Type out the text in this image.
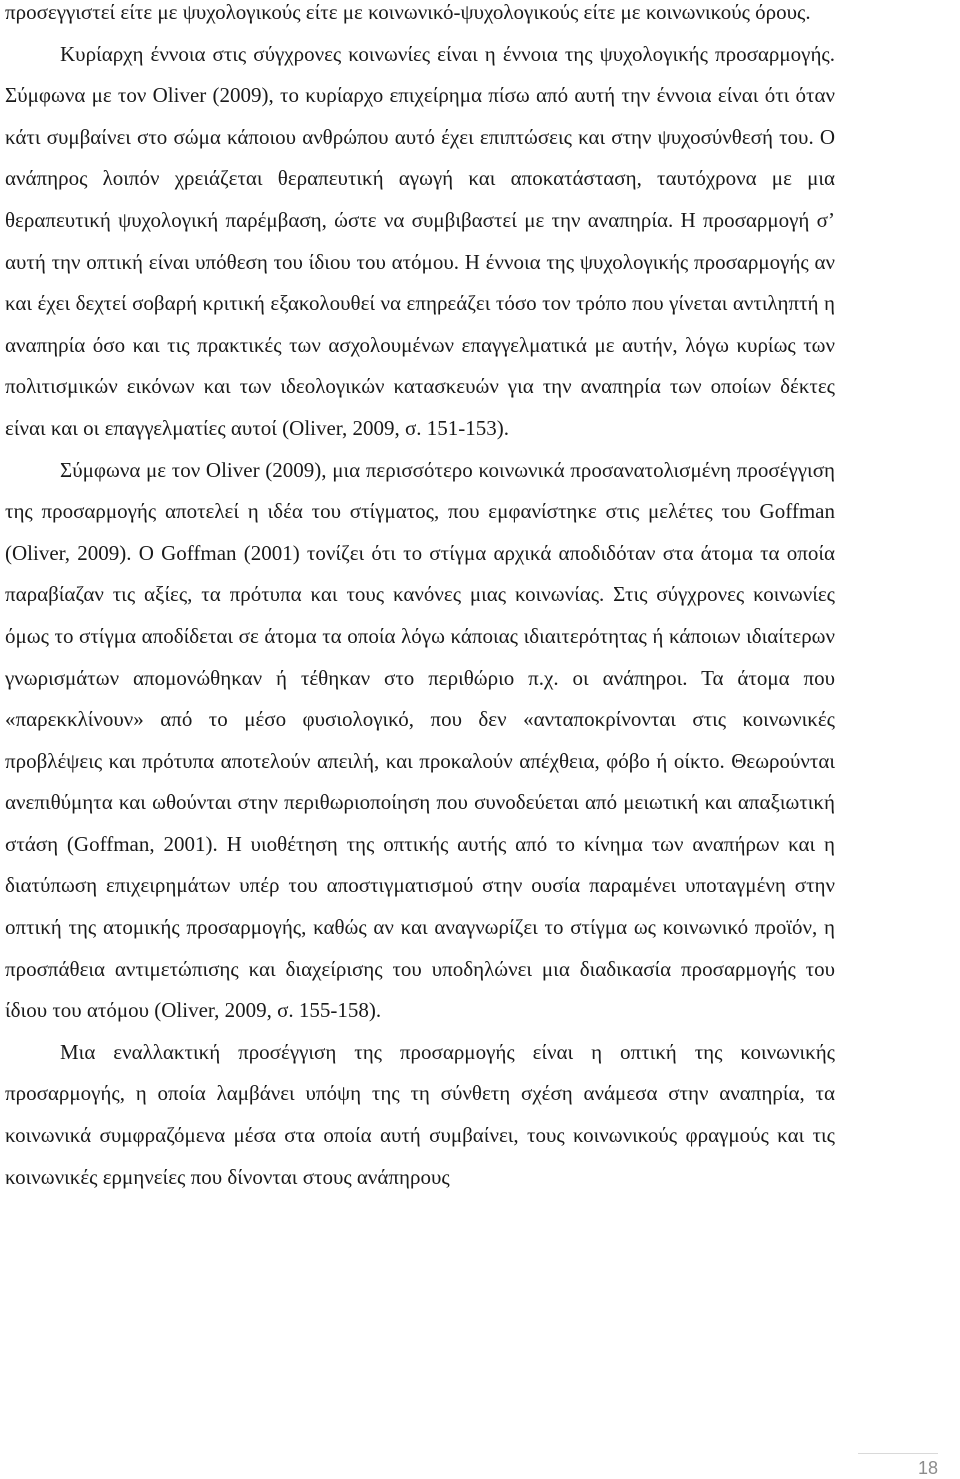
προσεγγιστεί είτε με ψυχολογικούς είτε με κοινωνικό-ψυχολογικούς είτε με κοινωνικούς όρους.

Κυρίαρχη έννοια στις σύγχρονες κοινωνίες είναι η έννοια της ψυχολογικής προσαρμογής. Σύμφωνα με τον Oliver (2009), το κυρίαρχο επιχείρημα πίσω από αυτή την έννοια είναι ότι όταν κάτι συμβαίνει στο σώμα κάποιου ανθρώπου αυτό έχει επιπτώσεις και στην ψυχοσύνθεσή του. Ο ανάπηρος λοιπόν χρειάζεται θεραπευτική αγωγή και αποκατάσταση, ταυτόχρονα με μια θεραπευτική ψυχολογική παρέμβαση, ώστε να συμβιβαστεί με την αναπηρία. Η προσαρμογή σ’ αυτή την οπτική είναι υπόθεση του ίδιου του ατόμου. Η έννοια της ψυχολογικής προσαρμογής αν και έχει δεχτεί σοβαρή κριτική εξακολουθεί να επηρεάζει τόσο τον τρόπο που γίνεται αντιληπτή η αναπηρία όσο και τις πρακτικές των ασχολουμένων επαγγελματικά με αυτήν, λόγω κυρίως των πολιτισμικών εικόνων και των ιδεολογικών κατασκευών για την αναπηρία των οποίων δέκτες είναι και οι επαγγελματίες αυτοί (Oliver, 2009, σ. 151-153).

Σύμφωνα με τον Oliver (2009), μια περισσότερο κοινωνικά προσανατολισμένη προσέγγιση της προσαρμογής αποτελεί η ιδέα του στίγματος, που εμφανίστηκε στις μελέτες του Goffman (Oliver, 2009). O Goffman (2001) τονίζει ότι το στίγμα αρχικά αποδιδόταν στα άτομα τα οποία παραβίαζαν τις αξίες, τα πρότυπα και τους κανόνες μιας κοινωνίας. Στις σύγχρονες κοινωνίες όμως το στίγμα αποδίδεται σε άτομα τα οποία λόγω κάποιας ιδιαιτερότητας ή κάποιων ιδιαίτερων γνωρισμάτων απομονώθηκαν ή τέθηκαν στο περιθώριο π.χ. οι ανάπηροι. Τα άτομα που «παρεκκλίνουν» από το μέσο φυσιολογικό, που δεν «ανταποκρίνονται στις κοινωνικές προβλέψεις και πρότυπα αποτελούν απειλή, και προκαλούν απέχθεια, φόβο ή οίκτο. Θεωρούνται ανεπιθύμητα και ωθούνται στην περιθωριοποίηση που συνοδεύεται από μειωτική και απαξιωτική στάση (Goffman, 2001). Η υιοθέτηση της οπτικής αυτής από το κίνημα των αναπήρων και η διατύπωση επιχειρημάτων υπέρ του αποστιγματισμού στην ουσία παραμένει υποταγμένη στην οπτική της ατομικής προσαρμογής, καθώς αν και αναγνωρίζει το στίγμα ως κοινωνικό προϊόν, η προσπάθεια αντιμετώπισης και διαχείρισης του υποδηλώνει μια διαδικασία προσαρμογής του ίδιου του ατόμου (Oliver, 2009, σ. 155-158).

Μια εναλλακτική προσέγγιση της προσαρμογής είναι η οπτική της κοινωνικής προσαρμογής, η οποία λαμβάνει υπόψη της τη σύνθετη σχέση ανάμεσα στην αναπηρία, τα κοινωνικά συμφραζόμενα μέσα στα οποία αυτή συμβαίνει, τους κοινωνικούς φραγμούς και τις κοινωνικές ερμηνείες που δίνονται στους ανάπηρους

18
